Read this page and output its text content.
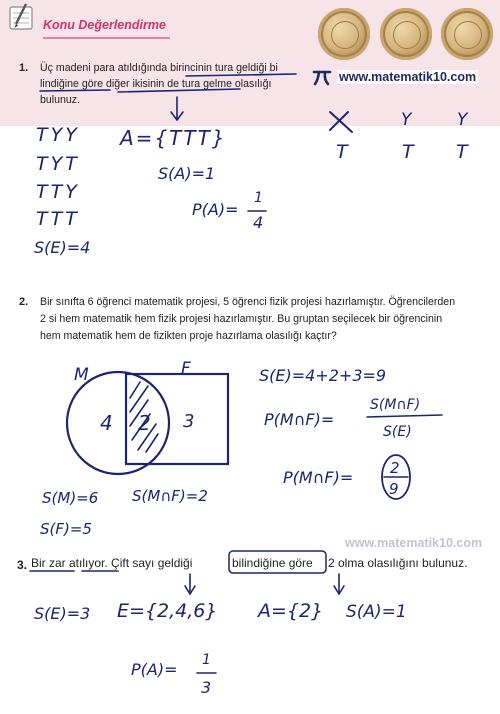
Konu Değerlendirme
www.matematik10.com
1. Üç madeni para atıldığında birincinin tura geldiği bi
lindiğine göre diğer ikisinin de tura gelme olasılığı
bulunuz.
Y	Y
T	T T
TYY
TYT
TTY
TTT
S(E)=4
A={TTT}
S(A)=1
P(A)=
1
4
2. Bir sınıfta 6 öğrenci matematik projesi, 5 öğrenci fizik projesi hazırlamıştır. Öğrencilerden
2 si hem matematik hem fizik projesi hazırlamıştır. Bu gruptan seçilecek bir öğrencinin
hem matematik hem de fizikten proje hazırlama olasılığı kaçtır?
M	F
4 2 3
S(E)=4+2+3=9
P(M∩F)=
S(M∩F)
S(E)
P(M∩F)= 2
9
S(M)=6 S(M∩F)=2
S(F)=5
www.matematik10.com
3. Bir zar atılıyor. Çift sayı geldiği	bilindiğine göre 2 olma olasılığını bulunuz.
S(E)=3 E={2,4,6} A={2} S(A)=1
P(A)= 1
3
